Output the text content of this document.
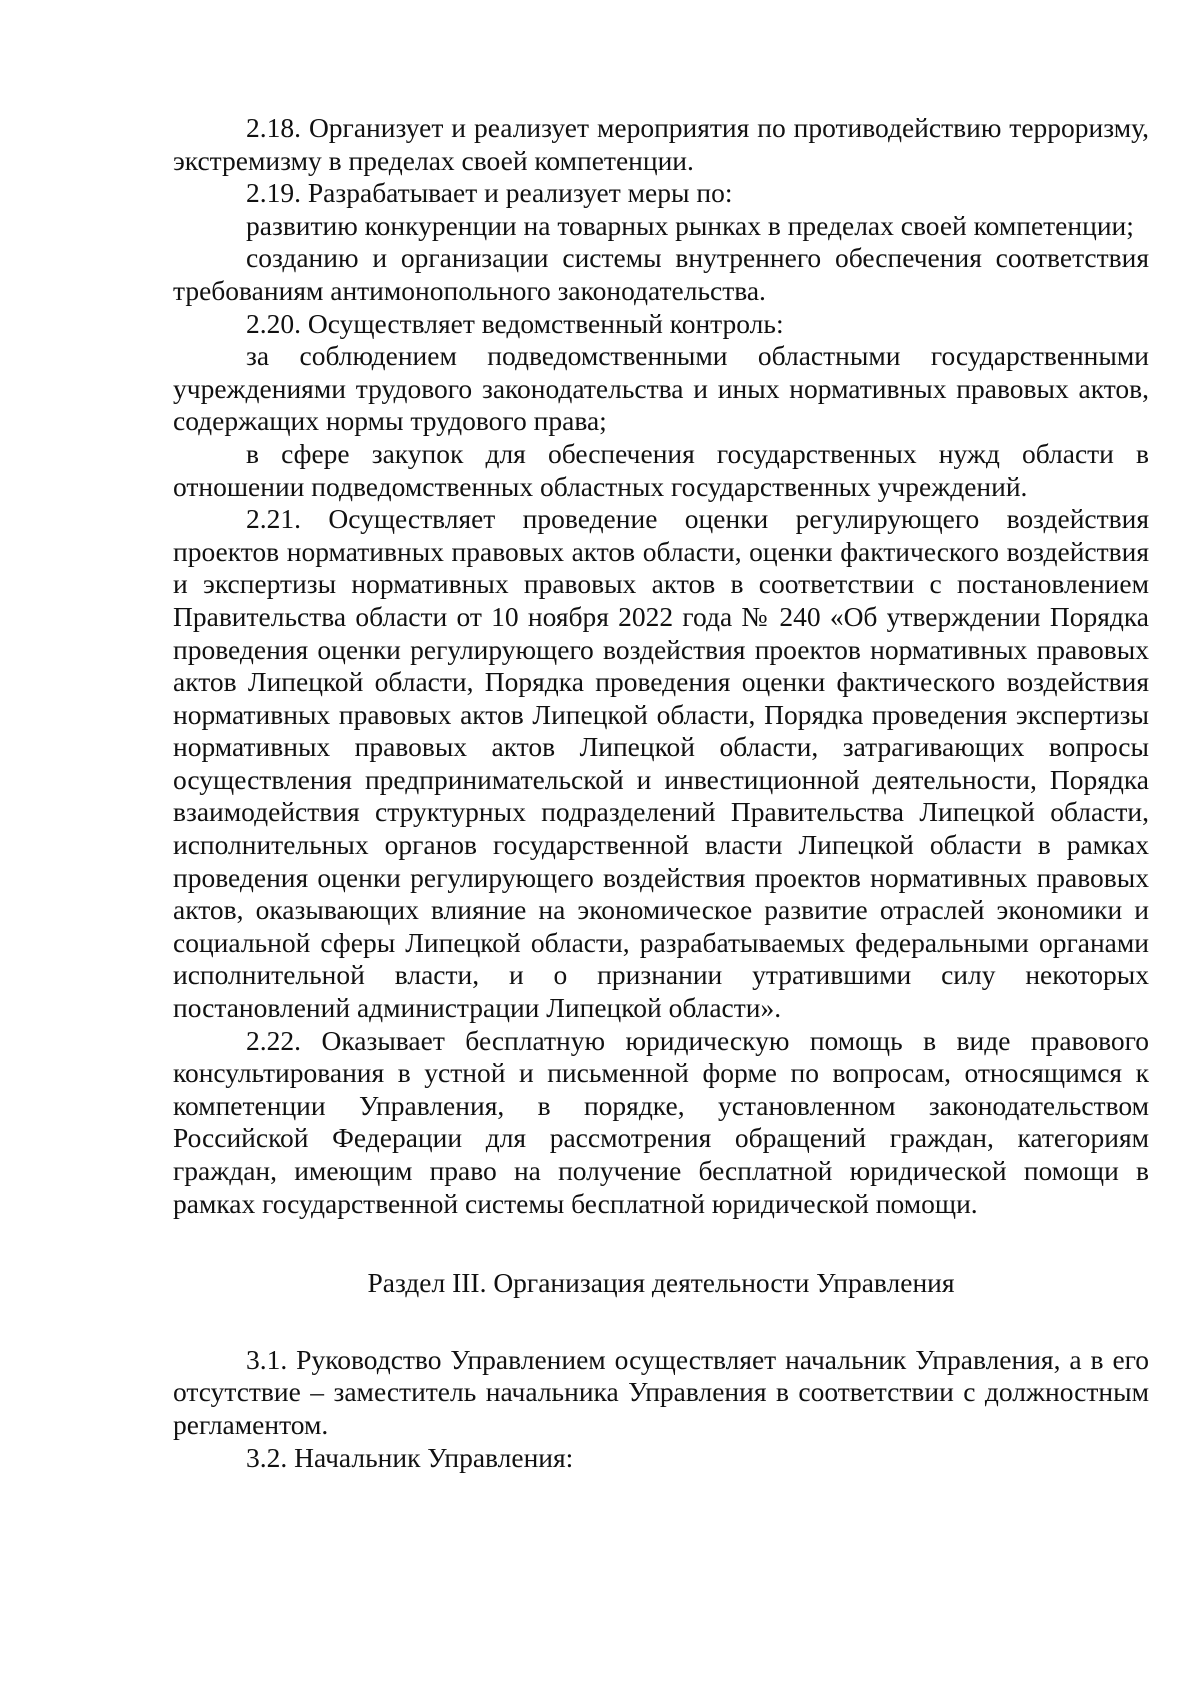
2.18. Организует и реализует мероприятия по противодействию терроризму, экстремизму в пределах своей компетенции.

2.19. Разрабатывает и реализует меры по:

развитию конкуренции на товарных рынках в пределах своей компетенции;

созданию и организации системы внутреннего обеспечения соответствия требованиям антимонопольного законодательства.

2.20. Осуществляет ведомственный контроль:

за соблюдением подведомственными областными государственными учреждениями трудового законодательства и иных нормативных правовых актов, содержащих нормы трудового права;

в сфере закупок для обеспечения государственных нужд области в отношении подведомственных областных государственных учреждений.

2.21. Осуществляет проведение оценки регулирующего воздействия проектов нормативных правовых актов области, оценки фактического воздействия и экспертизы нормативных правовых актов в соответствии с постановлением Правительства области от 10 ноября 2022 года № 240 «Об утверждении Порядка проведения оценки регулирующего воздействия проектов нормативных правовых актов Липецкой области, Порядка проведения оценки фактического воздействия нормативных правовых актов Липецкой области, Порядка проведения экспертизы нормативных правовых актов Липецкой области, затрагивающих вопросы осуществления предпринимательской и инвестиционной деятельности, Порядка взаимодействия структурных подразделений Правительства Липецкой области, исполнительных органов государственной власти Липецкой области в рамках проведения оценки регулирующего воздействия проектов нормативных правовых актов, оказывающих влияние на экономическое развитие отраслей экономики и социальной сферы Липецкой области, разрабатываемых федеральными органами исполнительной власти, и о признании утратившими силу некоторых постановлений администрации Липецкой области».

2.22. Оказывает бесплатную юридическую помощь в виде правового консультирования в устной и письменной форме по вопросам, относящимся к компетенции Управления, в порядке, установленном законодательством Российской Федерации для рассмотрения обращений граждан, категориям граждан, имеющим право на получение бесплатной юридической помощи в рамках государственной системы бесплатной юридической помощи.

Раздел III. Организация деятельности Управления

3.1. Руководство Управлением осуществляет начальник Управления, а в его отсутствие – заместитель начальника Управления в соответствии с должностным регламентом.

3.2. Начальник Управления:
